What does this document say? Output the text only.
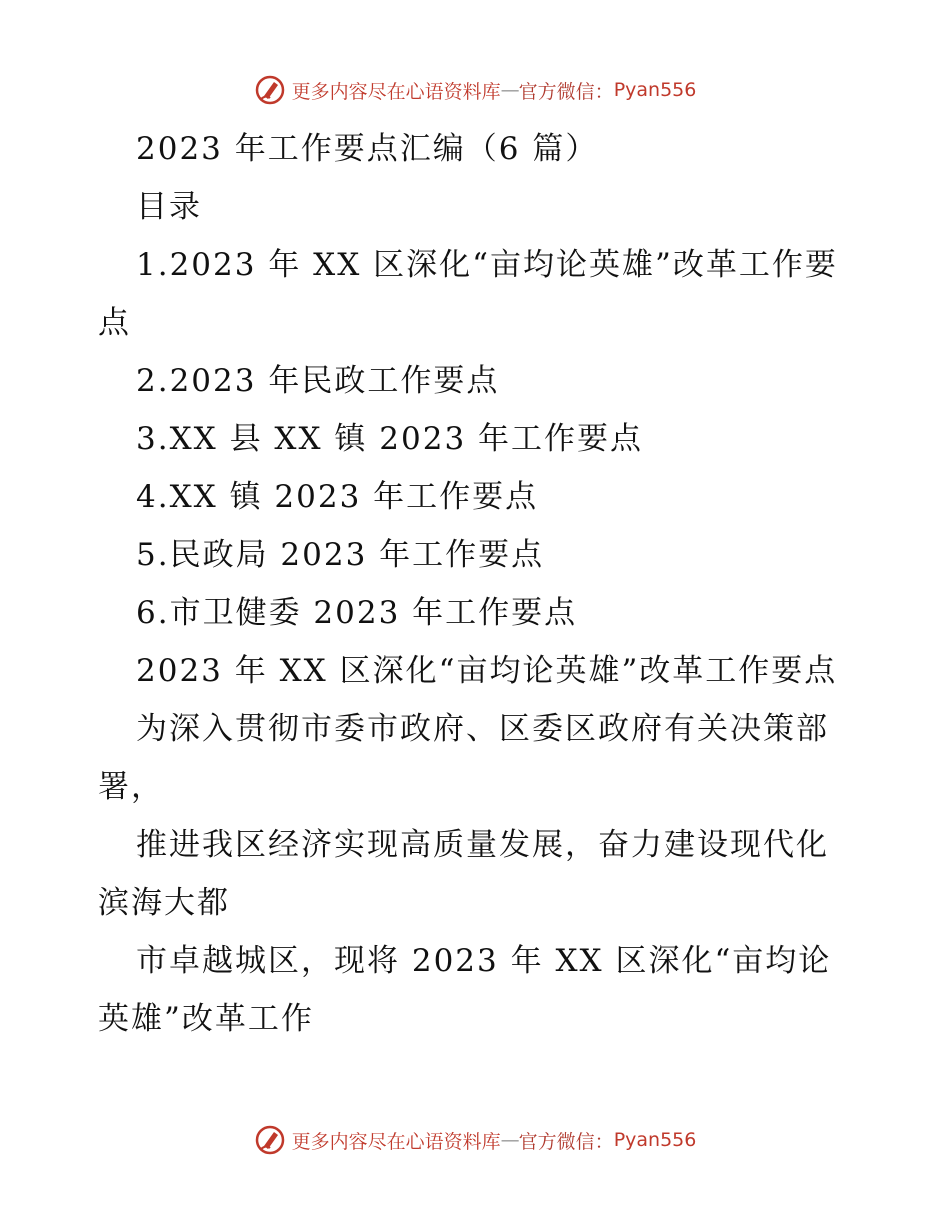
更多内容尽在心语资料库 — 官方微信： Pyan556

2023 年工作要点汇编（6 篇）

目录

1.2023 年 XX 区深化“亩均论英雄”改革工作要点

2.2023 年民政工作要点

3.XX 县 XX 镇 2023 年工作要点

4.XX 镇 2023 年工作要点

5.民政局 2023 年工作要点

6.市卫健委 2023 年工作要点

2023 年 XX 区深化“亩均论英雄”改革工作要点

为深入贯彻市委市政府、区委区政府有关决策部署，

推进我区经济实现高质量发展，奋力建设现代化滨海大都

市卓越城区，现将 2023 年 XX 区深化“亩均论英雄”改革工作

更多内容尽在心语资料库 — 官方微信： Pyan556
